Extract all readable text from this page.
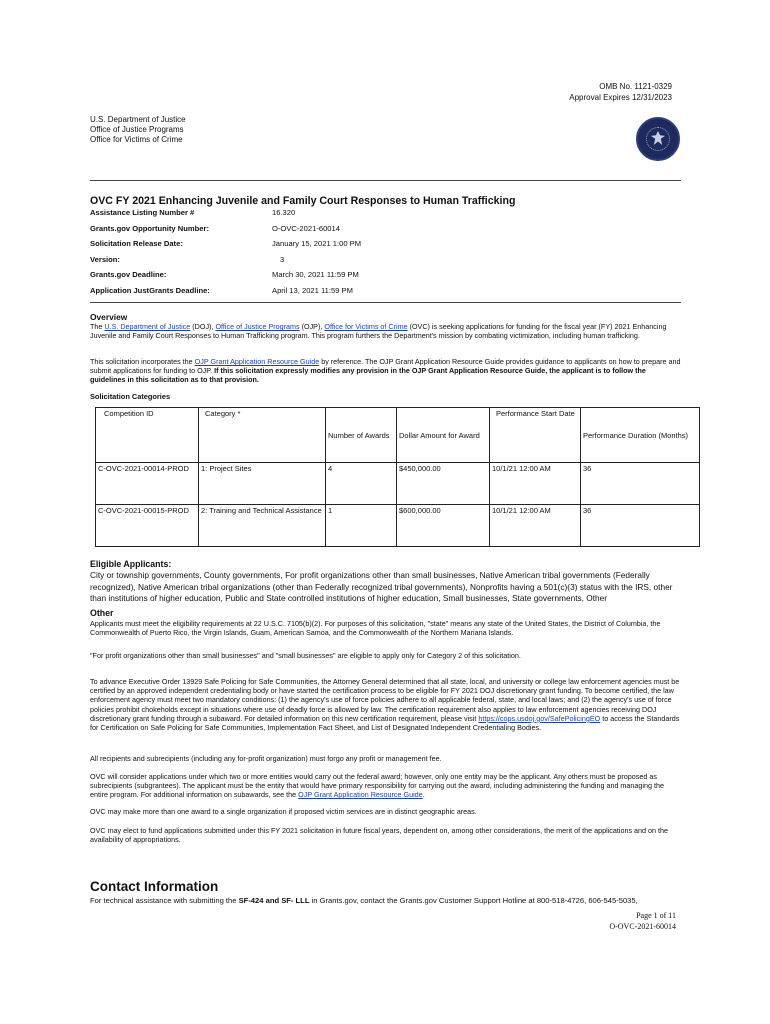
OMB No. 1121-0329
Approval Expires 12/31/2023
U.S. Department of Justice
Office of Justice Programs
Office for Victims of Crime
OVC FY 2021 Enhancing Juvenile and Family Court Responses to Human Trafficking
Assistance Listing Number #	16.320
Grants.gov Opportunity Number:	O-OVC-2021-60014
Solicitation Release Date:	January 15, 2021 1:00 PM
Version:	3
Grants.gov Deadline:	March 30, 2021 11:59 PM
Application JustGrants Deadline:	April 13, 2021 11:59 PM
Overview
The U.S. Department of Justice (DOJ), Office of Justice Programs (OJP), Office for Victims of Crime (OVC) is seeking applications for funding for the fiscal year (FY) 2021 Enhancing Juvenile and Family Court Responses to Human Trafficking program. This program furthers the Department's mission by combating victimization, including human trafficking.
This solicitation incorporates the OJP Grant Application Resource Guide by reference. The OJP Grant Application Resource Guide provides guidance to applicants on how to prepare and submit applications for funding to OJP. If this solicitation expressly modifies any provision in the OJP Grant Application Resource Guide, the applicant is to follow the guidelines in this solicitation as to that provision.
Solicitation Categories
Competition ID	Category *	Number of Awards	Dollar Amount for Award	Performance Start Date	Performance Duration (Months)
C-OVC-2021-00014-PROD	1: Project Sites	4	$450,000.00	10/1/21 12:00 AM	36
C-OVC-2021-00015-PROD	2: Training and Technical Assistance	1	$600,000.00	10/1/21 12:00 AM	36
Eligible Applicants:
City or township governments, County governments, For profit organizations other than small businesses, Native American tribal governments (Federally recognized), Native American tribal organizations (other than Federally recognized tribal governments), Nonprofits having a 501(c)(3) status with the IRS, other than institutions of higher education, Public and State controlled institutions of higher education, Small businesses, State governments, Other
Other
Applicants must meet the eligibility requirements at 22 U.S.C. 7105(b)(2). For purposes of this solicitation, "state" means any state of the United States, the District of Columbia, the Commonwealth of Puerto Rico, the Virgin Islands, Guam, American Samoa, and the Commonwealth of the Northern Mariana Islands.
"For profit organizations other than small businesses" and "small businesses" are eligible to apply only for Category 2 of this solicitation.
To advance Executive Order 13929 Safe Policing for Safe Communities, the Attorney General determined that all state, local, and university or college law enforcement agencies must be certified by an approved independent credentialing body or have started the certification process to be eligible for FY 2021 DOJ discretionary grant funding. To become certified, the law enforcement agency must meet two mandatory conditions: (1) the agency's use of force policies adhere to all applicable federal, state, and local laws; and (2) the agency's use of force policies prohibit chokeholds except in situations where use of deadly force is allowed by law. The certification requirement also applies to law enforcement agencies receiving DOJ discretionary grant funding through a subaward. For detailed information on this new certification requirement, please visit https://cops.usdoj.gov/SafePolicingEO to access the Standards for Certification on Safe Policing for Safe Communities, Implementation Fact Sheet, and List of Designated Independent Credentialing Bodies.
All recipients and subrecipients (including any for-profit organization) must forgo any profit or management fee.
OVC will consider applications under which two or more entities would carry out the federal award; however, only one entity may be the applicant. Any others must be proposed as subrecipients (subgrantees). The applicant must be the entity that would have primary responsibility for carrying out the award, including administering the funding and managing the entire program. For additional information on subawards, see the OJP Grant Application Resource Guide.
OVC may make more than one award to a single organization if proposed victim services are in distinct geographic areas.
OVC may elect to fund applications submitted under this FY 2021 solicitation in future fiscal years, dependent on, among other considerations, the merit of the applications and on the availability of appropriations.
Contact Information
For technical assistance with submitting the SF-424 and SF- LLL in Grants.gov, contact the Grants.gov Customer Support Hotline at 800-518-4726, 606-545-5035,
Page 1 of 11
O-OVC-2021-60014
